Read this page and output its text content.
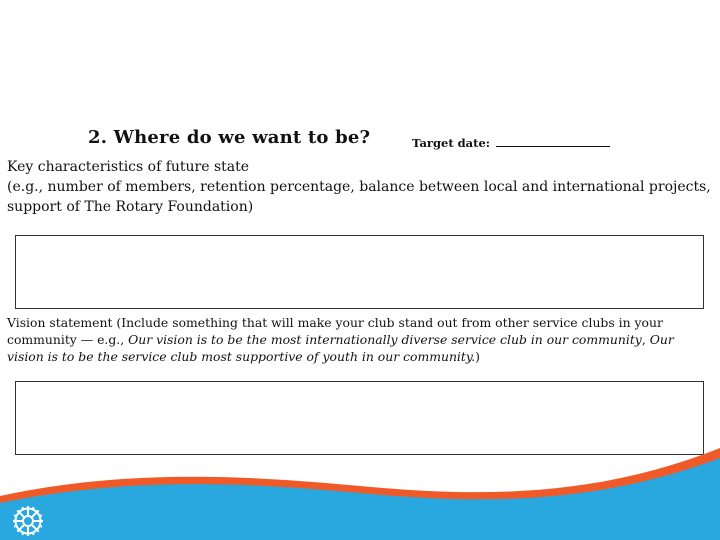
2. Where do we want to be?	Target date:
Key characteristics of future state
(e.g., number of members, retention percentage, balance between local and international projects, support of The Rotary Foundation)
Vision statement (Include something that will make your club stand out from other service clubs in your community — e.g., Our vision is to be the most internationally diverse service club in our community, Our vision is to be the service club most supportive of youth in our community.)
